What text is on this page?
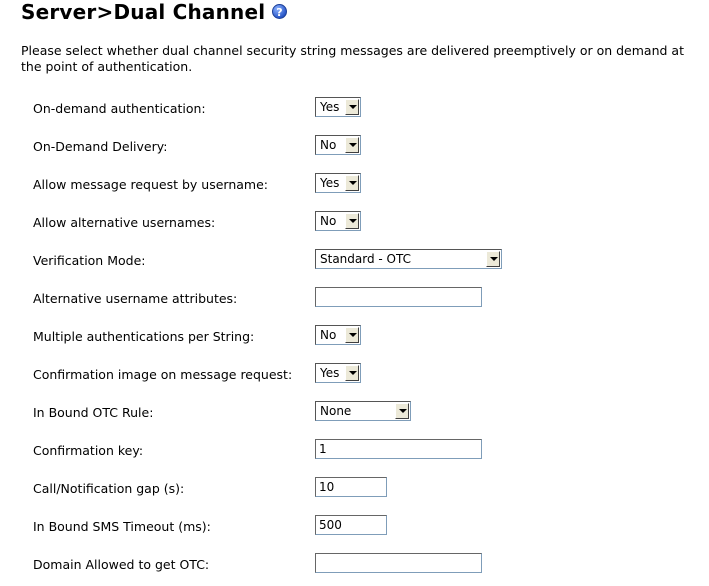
Server>Dual Channel ?

Please select whether dual channel security string messages are delivered preemptively or on demand at the point of authentication.

On-demand authentication:	Yes
On-Demand Delivery:	No
Allow message request by username:	Yes
Allow alternative usernames:	No
Verification Mode:	Standard - OTC
Alternative username attributes:
Multiple authentications per String:	No
Confirmation image on message request:	Yes
In Bound OTC Rule:	None
Confirmation key:
1
Call/Notification gap (s):
10
In Bound SMS Timeout (ms):
500
Domain Allowed to get OTC:
